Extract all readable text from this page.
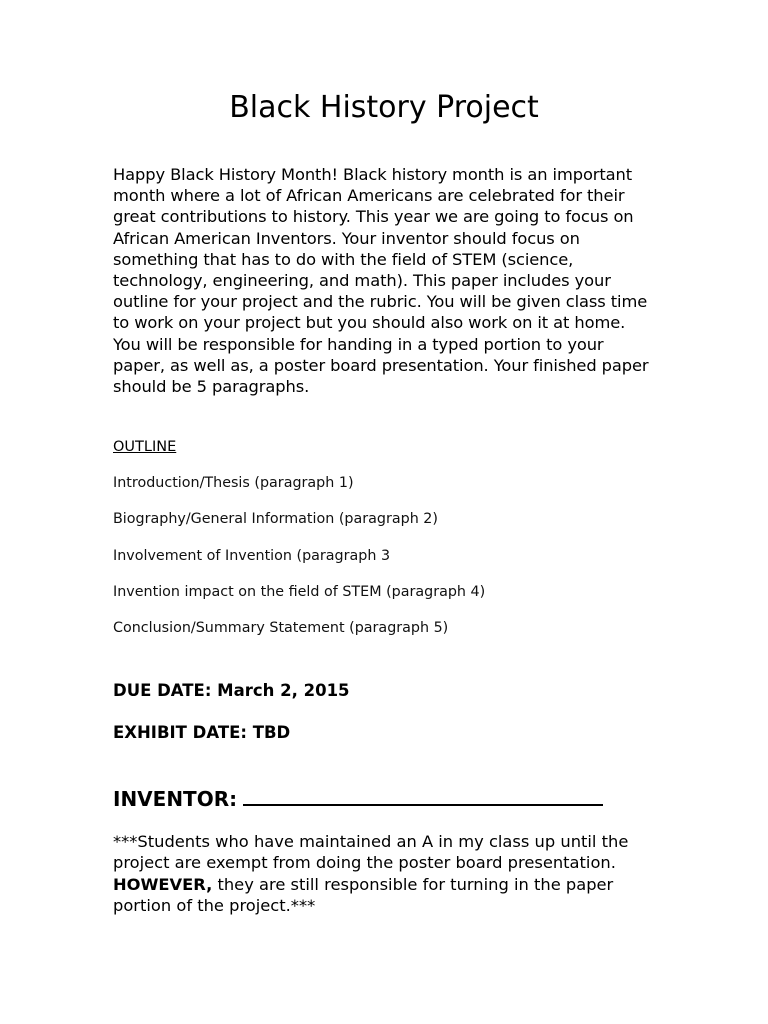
Black History Project

Happy Black History Month! Black history month is an important month where a lot of African Americans are celebrated for their great contributions to history. This year we are going to focus on African American Inventors. Your inventor should focus on something that has to do with the field of STEM (science, technology, engineering, and math). This paper includes your outline for your project and the rubric. You will be given class time to work on your project but you should also work on it at home. You will be responsible for handing in a typed portion to your paper, as well as, a poster board presentation. Your finished paper should be 5 paragraphs.

OUTLINE

Introduction/Thesis (paragraph 1)
Biography/General Information (paragraph 2)
Involvement of Invention (paragraph 3
Invention impact on the field of STEM (paragraph 4)
Conclusion/Summary Statement (paragraph 5)

DUE DATE: March 2, 2015

EXHIBIT DATE: TBD

INVENTOR:

***Students who have maintained an A in my class up until the project are exempt from doing the poster board presentation. HOWEVER, they are still responsible for turning in the paper portion of the project.***
